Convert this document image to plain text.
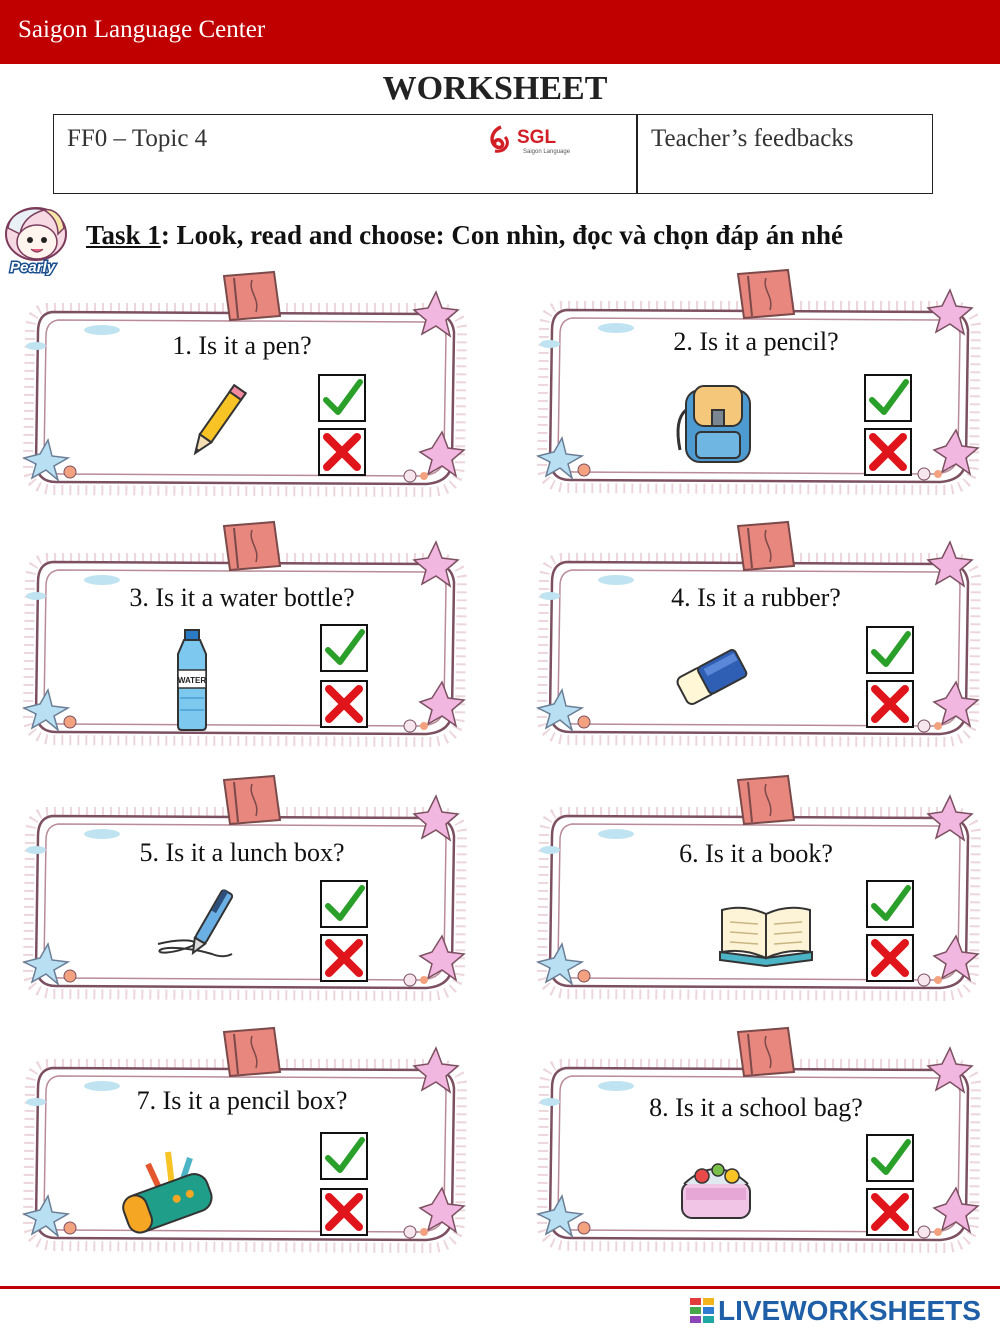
Saigon Language Center
WORKSHEET
FF0 – Topic 4	SGL
Saigon Language	Teacher’s feedbacks
Pearly
Task 1: Look, read and choose: Con nhìn, đọc và chọn đáp án nhé
1. Is it a pen?	2. Is it a pencil?
3. Is it a water bottle?
WATER
4. Is it a rubber?
5. Is it a lunch box?	6. Is it a book?
7. Is it a pencil box?	8. Is it a school bag?
LIVEWORKSHEETS
